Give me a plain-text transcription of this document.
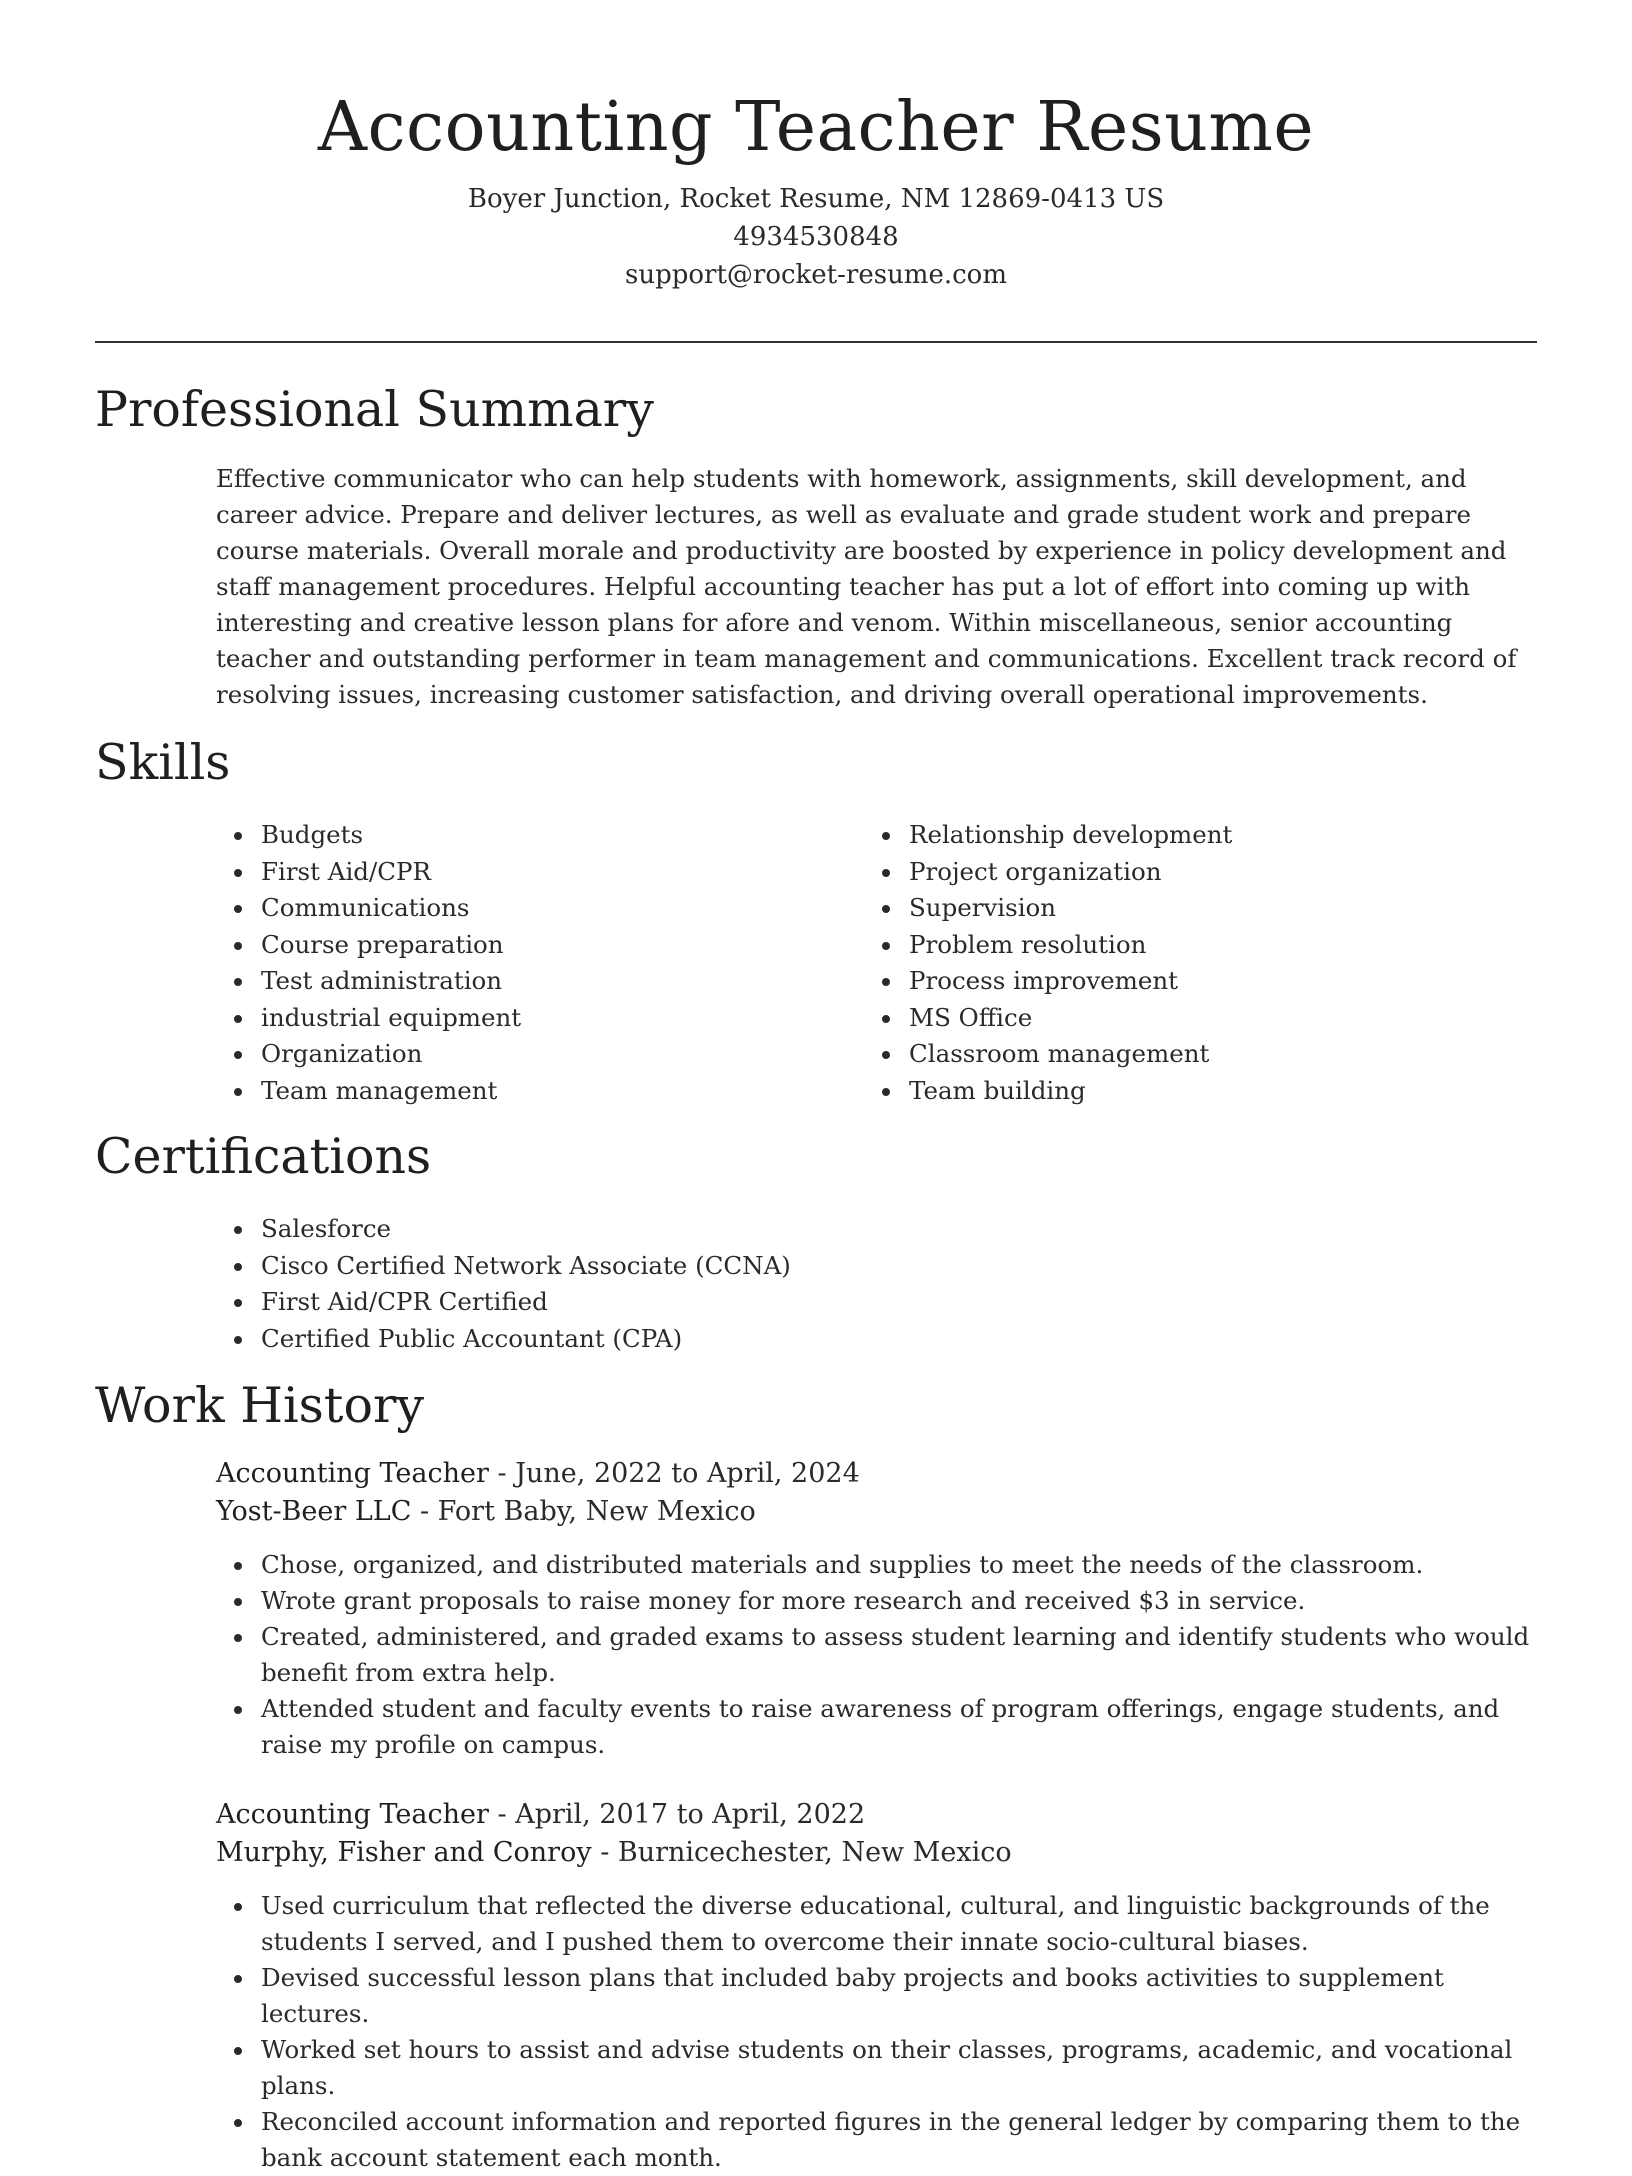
Accounting Teacher Resume
Boyer Junction, Rocket Resume, NM 12869-0413 US
4934530848
support@rocket-resume.com
Professional Summary

Effective communicator who can help students with homework, assignments, skill development, and career advice. Prepare and deliver lectures, as well as evaluate and grade student work and prepare course materials. Overall morale and productivity are boosted by experience in policy development and staff management procedures. Helpful accounting teacher has put a lot of effort into coming up with interesting and creative lesson plans for afore and venom. Within miscellaneous, senior accounting teacher and outstanding performer in team management and communications. Excellent track record of resolving issues, increasing customer satisfaction, and driving overall operational improvements.

Skills
Budgets
First Aid/CPR
Communications
Course preparation
Test administration
industrial equipment
Organization
Team management
Relationship development
Project organization
Supervision
Problem resolution
Process improvement
MS Office
Classroom management
Team building
Certifications
Salesforce
Cisco Certified Network Associate (CCNA)
First Aid/CPR Certified
Certified Public Accountant (CPA)
Work History
Accounting Teacher - June, 2022 to April, 2024
Yost-Beer LLC - Fort Baby, New Mexico
Chose, organized, and distributed materials and supplies to meet the needs of the classroom.
Wrote grant proposals to raise money for more research and received $3 in service.
Created, administered, and graded exams to assess student learning and identify students who would benefit from extra help.
Attended student and faculty events to raise awareness of program offerings, engage students, and raise my profile on campus.
Accounting Teacher - April, 2017 to April, 2022
Murphy, Fisher and Conroy - Burnicechester, New Mexico
Used curriculum that reflected the diverse educational, cultural, and linguistic backgrounds of the students I served, and I pushed them to overcome their innate socio-cultural biases.
Devised successful lesson plans that included baby projects and books activities to supplement lectures.
Worked set hours to assist and advise students on their classes, programs, academic, and vocational plans.
Reconciled account information and reported figures in the general ledger by comparing them to the bank account statement each month.
